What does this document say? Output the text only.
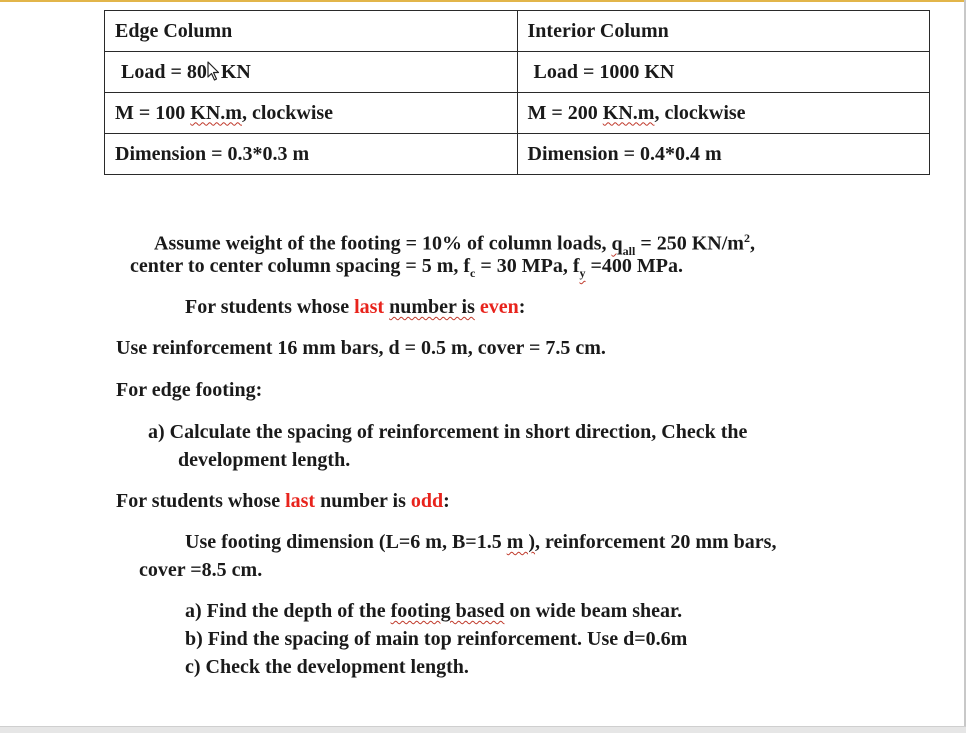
Edge Column	Interior Column
Load = 80 KN	Load = 1000 KN
M = 100 KN.m, clockwise	M = 200 KN.m, clockwise
Dimension = 0.3*0.3 m	Dimension = 0.4*0.4 m
Assume weight of the footing = 10% of column loads, $q_{all} = 250$ $KN/m^2$,
center to center column spacing = 5 m, $f_c = 30$ MPa, $f_y =400$ MPa.
For students whose last number is even:
Use reinforcement 16 mm bars, d = 0.5 m, cover = 7.5 cm.
For edge footing:
a) Calculate the spacing of reinforcement in short direction, Check the
development length.
For students whose last number is odd:
Use footing dimension (L=6 m, B=1.5 m ), reinforcement 20 mm bars,
cover =8.5 cm.
a) Find the depth of the footing based on wide beam shear.
b) Find the spacing of main top reinforcement. Use d=0.6m
c) Check the development length.
